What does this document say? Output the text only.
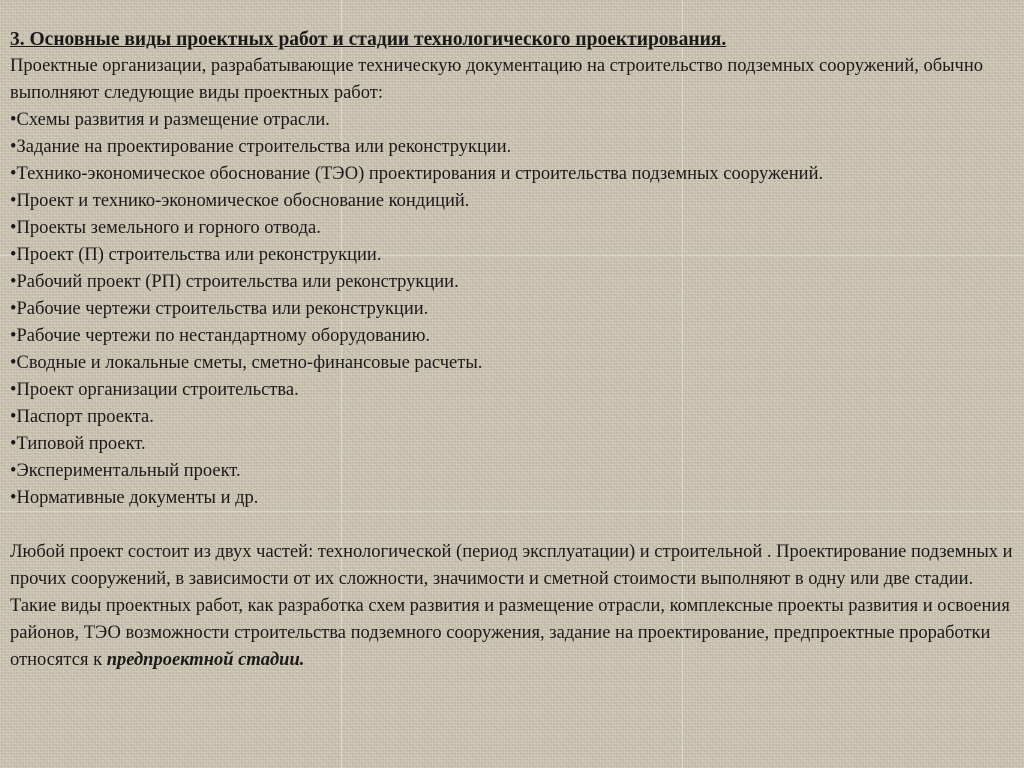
3. Основные виды проектных работ и стадии технологического проектирования.

Проектные организации, разрабатывающие техническую документацию на строительство подземных сооружений, обычно выполняют следующие виды проектных работ:

• Схемы развития и размещение отрасли.
• Задание на проектирование строительства или реконструкции.
• Технико-экономическое обоснование (ТЭО) проектирования и строительства подземных сооружений.
• Проект и технико-экономическое обоснование кондиций.
• Проекты земельного и горного отвода.
• Проект (П) строительства или реконструкции.
• Рабочий проект (РП) строительства или реконструкции.
• Рабочие чертежи строительства или реконструкции.
• Рабочие чертежи по нестандартному оборудованию.
• Сводные и локальные сметы, сметно-финансовые расчеты.
• Проект организации строительства.
• Паспорт проекта.
• Типовой проект.
• Экспериментальный проект.
• Нормативные документы и др.

Любой проект состоит из двух частей: технологической (период эксплуатации) и строительной . Проектирование подземных и прочих сооружений, в зависимости от их сложности, значимости и сметной стоимости выполняют в одну или две стадии.

Такие виды проектных работ, как разработка схем развития и размещение отрасли, комплексные проекты развития и освоения районов, ТЭО возможности строительства подземного сооружения, задание на проектирование, предпроектные проработки относятся к предпроектной стадии.
